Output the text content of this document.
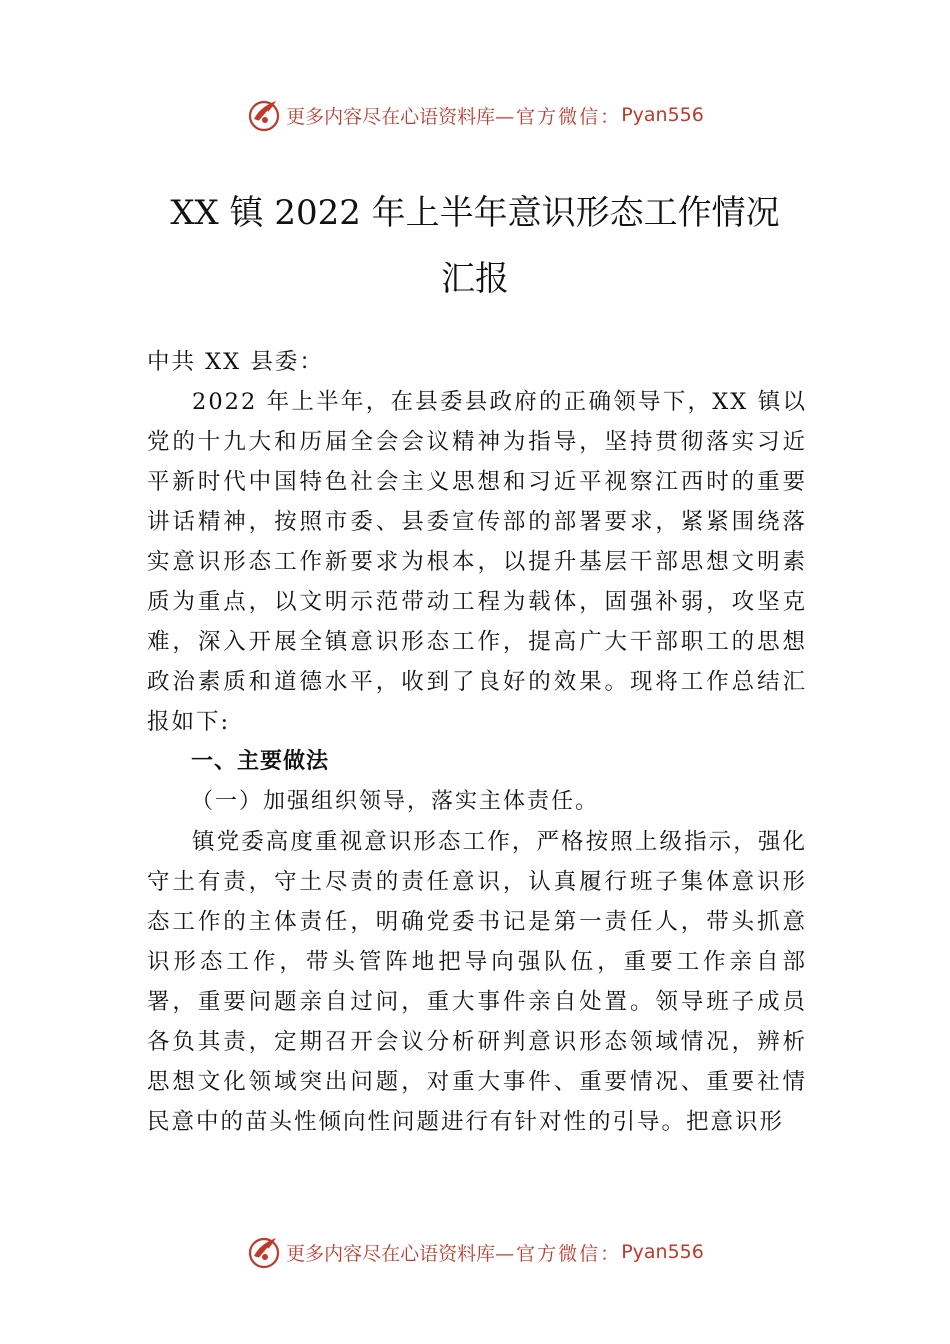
更多内容尽在心语资料库 —官方微信： Pyan556
XX 镇 2022 年上半年意识形态工作情况
汇报

中共 XX 县委：

2022 年上半年，在县委县政府的正确领导下，XX 镇以党的十九大和历届全会会议精神为指导，坚持贯彻落实习近平新时代中国特色社会主义思想和习近平视察江西时的重要讲话精神，按照市委、县委宣传部的部署要求，紧紧围绕落实意识形态工作新要求为根本，以提升基层干部思想文明素质为重点，以文明示范带动工程为载体，固强补弱，攻坚克难，深入开展全镇意识形态工作，提高广大干部职工的思想政治素质和道德水平，收到了良好的效果。现将工作总结汇报如下:

一、主要做法

（一）加强组织领导，落实主体责任。

镇党委高度重视意识形态工作，严格按照上级指示，强化守土有责，守土尽责的责任意识，认真履行班子集体意识形态工作的主体责任，明确党委书记是第一责任人，带头抓意识形态工作，带头管阵地把导向强队伍，重要工作亲自部署，重要问题亲自过问，重大事件亲自处置。领导班子成员各负其责，定期召开会议分析研判意识形态领域情况，辨析思想文化领域突出问题，对重大事件、重要情况、重要社情民意中的苗头性倾向性问题进行有针对性的引导。把意识形

更多内容尽在心语资料库 —官方微信： Pyan556
